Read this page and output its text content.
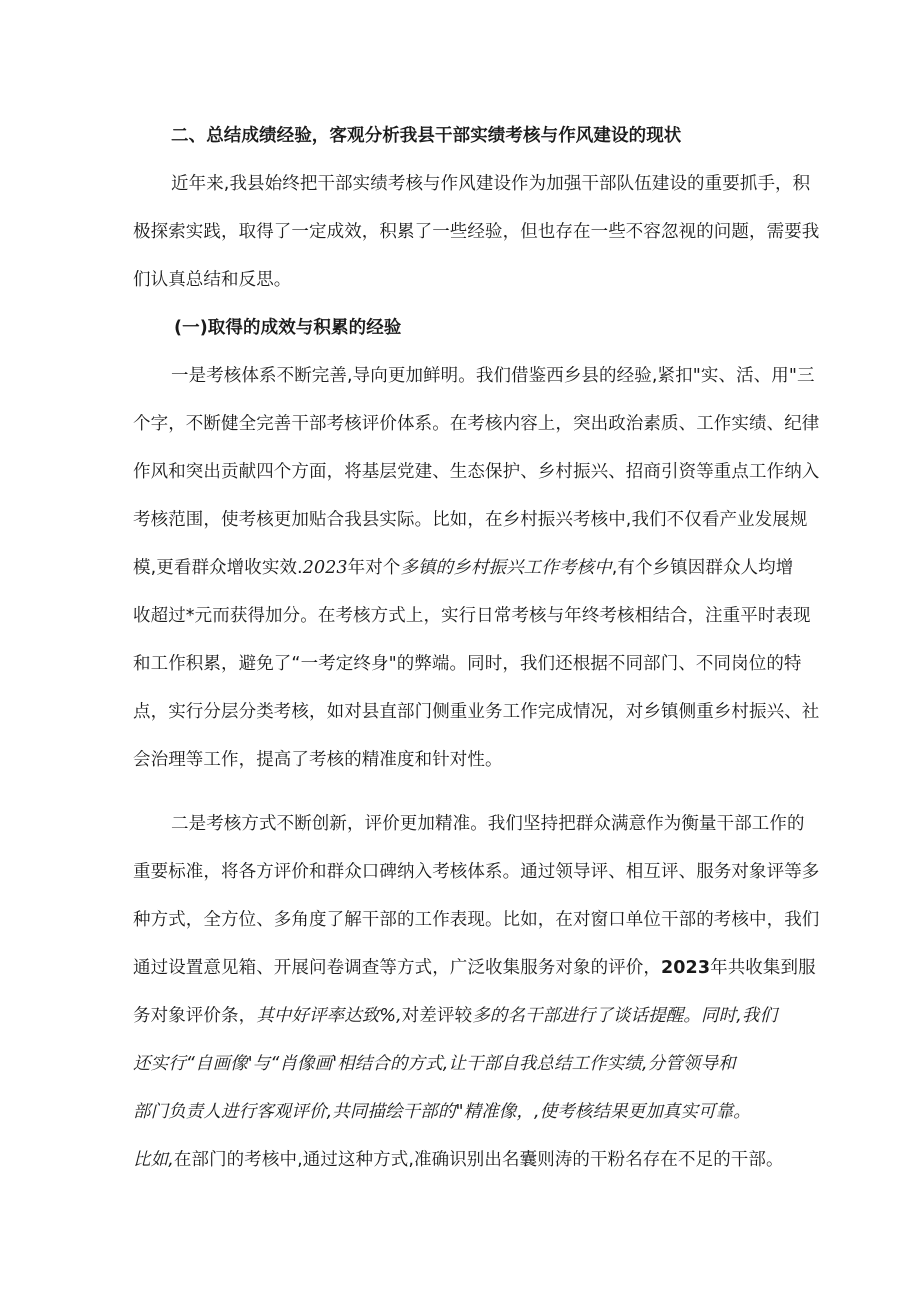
二、总结成绩经验，客观分析我县干部实绩考核与作风建设的现状
近年来,我县始终把干部实绩考核与作风建设作为加强干部队伍建设的重要抓手，积
极探索实践，取得了一定成效，积累了一些经验，但也存在一些不容忽视的问题，需要我
们认真总结和反思。
(一)取得的成效与积累的经验
一是考核体系不断完善,导向更加鲜明。我们借鉴西乡县的经验,紧扣"实、活、用"三
个字，不断健全完善干部考核评价体系。在考核内容上，突出政治素质、工作实绩、纪律
作风和突出贡献四个方面，将基层党建、生态保护、乡村振兴、招商引资等重点工作纳入
考核范围，使考核更加贴合我县实际。比如，在乡村振兴考核中,我们不仅看产业发展规
模,更看群众增收实效.2023年对个多镇的乡村振兴工作考核中,有个乡镇因群众人均增
收超过*元而获得加分。在考核方式上，实行日常考核与年终考核相结合，注重平时表现
和工作积累，避免了“一考定终身"的弊端。同时，我们还根据不同部门、不同岗位的特
点，实行分层分类考核，如对县直部门侧重业务工作完成情况，对乡镇侧重乡村振兴、社
会治理等工作，提高了考核的精准度和针对性。
二是考核方式不断创新，评价更加精准。我们坚持把群众满意作为衡量干部工作的
重要标准，将各方评价和群众口碑纳入考核体系。通过领导评、相互评、服务对象评等多
种方式，全方位、多角度了解干部的工作表现。比如，在对窗口单位干部的考核中，我们
通过设置意见箱、开展问卷调查等方式，广泛收集服务对象的评价，2023年共收集到服
务对象评价条，其中好评率达致%,对差评较多的名干部进行了谈话提醒。同时,我们
还实行“自画像'与“肖像画'相结合的方式,让干部自我总结工作实绩,分管领导和
部门负责人进行客观评价,共同描绘干部的"精准像，,使考核结果更加真实可靠。
比如,在部门的考核中,通过这种方式,准确识别出名囊则涛的干粉名存在不足的干部。
